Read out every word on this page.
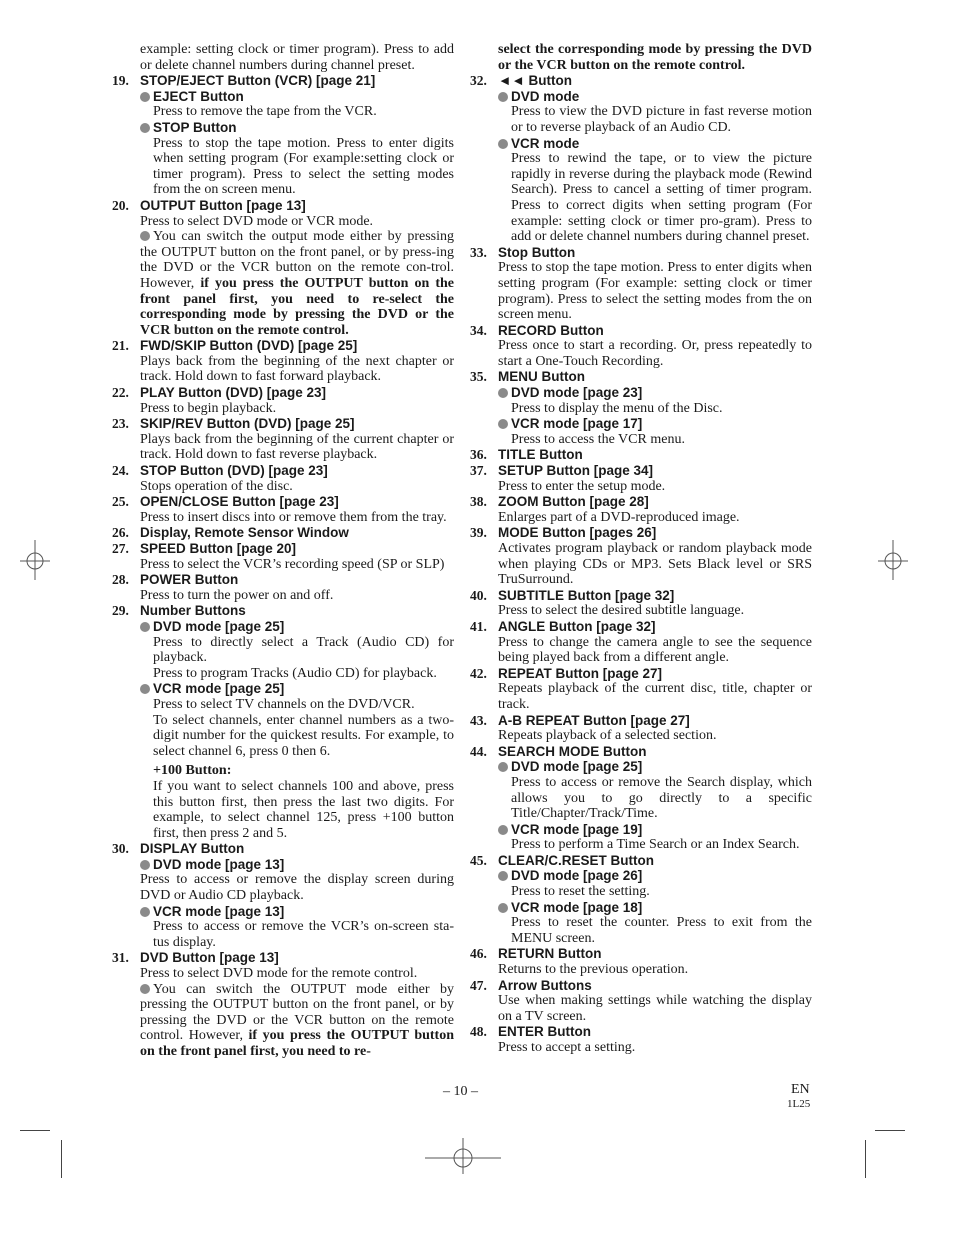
example: setting clock or timer program). Press to add or delete channel numbers during channel preset.
19. STOP/EJECT Button (VCR) [page 21]
EJECT Button
Press to remove the tape from the VCR.
STOP Button
Press to stop the tape motion. Press to enter digits when setting program (For example:setting clock or timer program). Press to select the setting modes from the on screen menu.
20. OUTPUT Button [page 13]
Press to select DVD mode or VCR mode.
You can switch the output mode either by pressing the OUTPUT button on the front panel, or by press-ing the DVD or the VCR button on the remote con-trol. However, if you press the OUTPUT button on the front panel first, you need to re-select the corresponding mode by pressing the DVD or the VCR button on the remote control.
21. FWD/SKIP Button (DVD) [page 25]
Plays back from the beginning of the next chapter or track. Hold down to fast forward playback.
22. PLAY Button (DVD) [page 23]
Press to begin playback.
23. SKIP/REV Button (DVD) [page 25]
Plays back from the beginning of the current chapter or track. Hold down to fast reverse playback.
24. STOP Button (DVD) [page 23]
Stops operation of the disc.
25. OPEN/CLOSE Button [page 23]
Press to insert discs into or remove them from the tray.
26. Display, Remote Sensor Window
27. SPEED Button [page 20]
Press to select the VCR’s recording speed (SP or SLP)
28. POWER Button
Press to turn the power on and off.
29. Number Buttons
DVD mode [page 25]
Press to directly select a Track (Audio CD) for playback.
Press to program Tracks (Audio CD) for playback.
VCR mode [page 25]
Press to select TV channels on the DVD/VCR.
To select channels, enter channel numbers as a two-digit number for the quickest results. For example, to select channel 6, press 0 then 6.
+100 Button:
If you want to select channels 100 and above, press this button first, then press the last two digits. For example, to select channel 125, press +100 button first, then press 2 and 5.
30. DISPLAY Button
DVD mode [page 13]
Press to access or remove the display screen during DVD or Audio CD playback.
VCR mode [page 13]
Press to access or remove the VCR’s on-screen sta-tus display.
31. DVD Button [page 13]
Press to select DVD mode for the remote control.
You can switch the OUTPUT mode either by pressing the OUTPUT button on the front panel, or by pressing the DVD or the VCR button on the remote control. However, if you press the OUTPUT button on the front panel first, you need to re-
select the corresponding mode by pressing the DVD or the VCR button on the remote control.
32. ◄◄ Button
DVD mode
Press to view the DVD picture in fast reverse motion or to reverse playback of an Audio CD.
VCR mode
Press to rewind the tape, or to view the picture rapidly in reverse during the playback mode (Rewind Search). Press to cancel a setting of timer program. Press to correct digits when setting program (For example: setting clock or timer pro-gram). Press to add or delete channel numbers during channel preset.
33. Stop Button
Press to stop the tape motion. Press to enter digits when setting program (For example: setting clock or timer program). Press to select the setting modes from the on screen menu.
34. RECORD Button
Press once to start a recording. Or, press repeatedly to start a One-Touch Recording.
35. MENU Button
DVD mode [page 23]
Press to display the menu of the Disc.
VCR mode [page 17]
Press to access the VCR menu.
36. TITLE Button
37. SETUP Button [page 34]
Press to enter the setup mode.
38. ZOOM Button [page 28]
Enlarges part of a DVD-reproduced image.
39. MODE Button [pages 26]
Activates program playback or random playback mode when playing CDs or MP3. Sets Black level or SRS TruSurround.
40. SUBTITLE Button [page 32]
Press to select the desired subtitle language.
41. ANGLE Button [page 32]
Press to change the camera angle to see the sequence being played back from a different angle.
42. REPEAT Button [page 27]
Repeats playback of the current disc, title, chapter or track.
43. A-B REPEAT Button [page 27]
Repeats playback of a selected section.
44. SEARCH MODE Button
DVD mode [page 25]
Press to access or remove the Search display, which allows you to go directly to a specific Title/Chapter/Track/Time.
VCR mode [page 19]
Press to perform a Time Search or an Index Search.
45. CLEAR/C.RESET Button
DVD mode [page 26]
Press to reset the setting.
VCR mode [page 18]
Press to reset the counter. Press to exit from the MENU screen.
46. RETURN Button
Returns to the previous operation.
47. Arrow Buttons
Use when making settings while watching the display on a TV screen.
48. ENTER Button
Press to accept a setting.
– 10 –	EN
1L25
